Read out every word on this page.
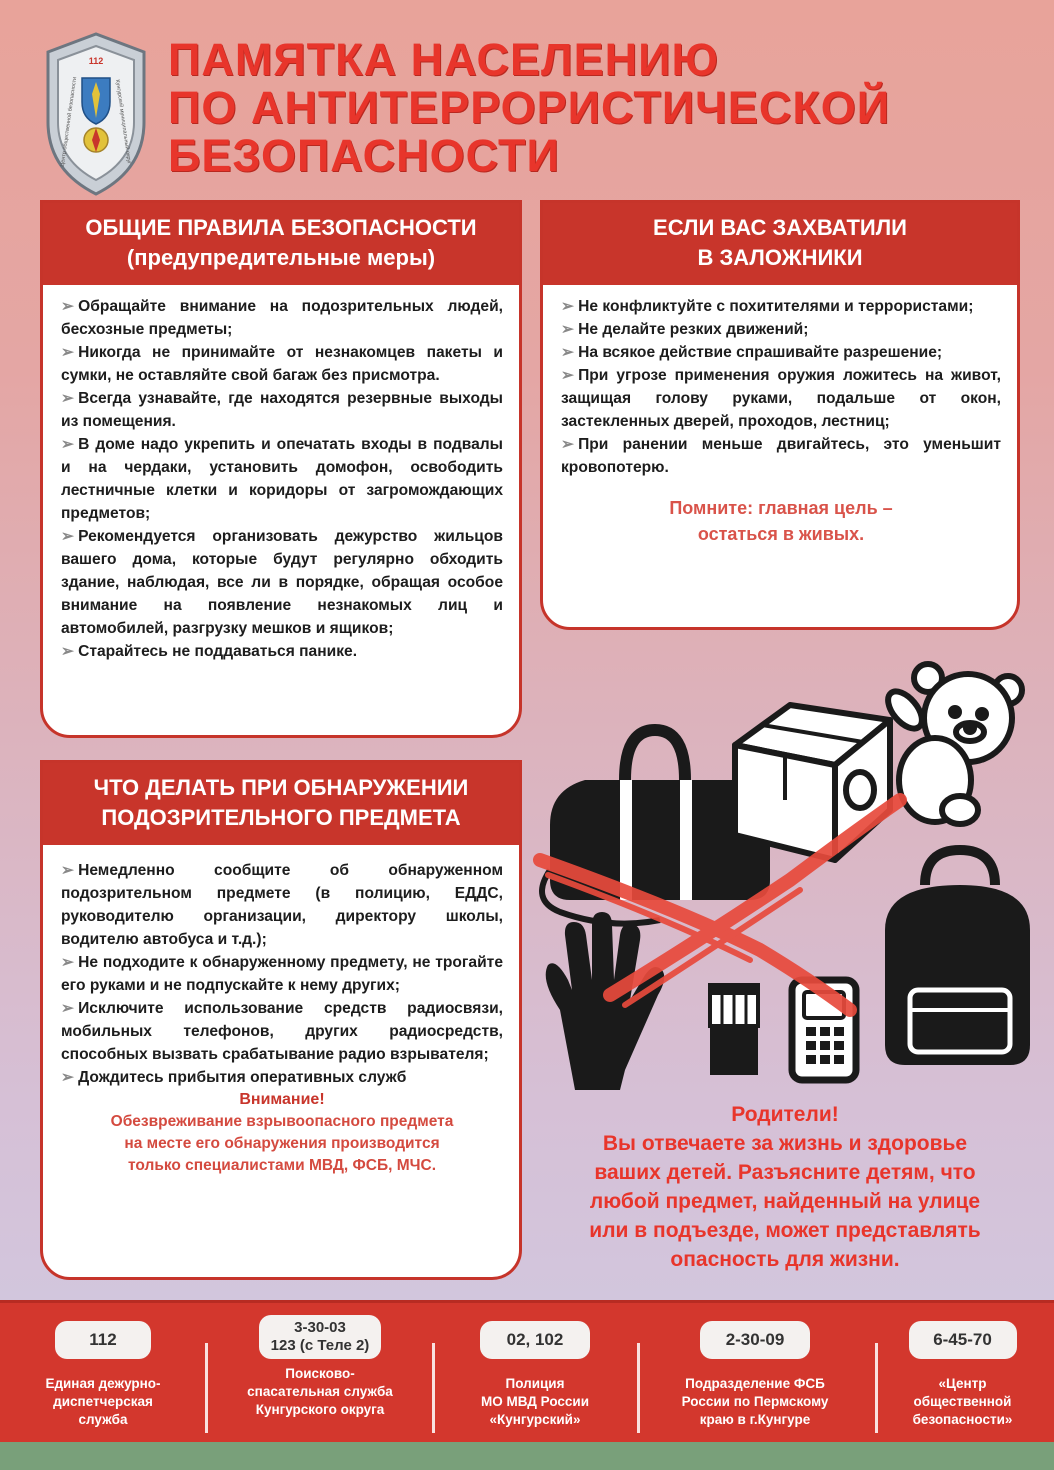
112
Центр общественной безопасности	Кунгурский муниципальный округ
ПАМЯТКА НАСЕЛЕНИЮ
ПО АНТИТЕРРОРИСТИЧЕСКОЙ
БЕЗОПАСНОСТИ
ОБЩИЕ ПРАВИЛА БЕЗОПАСНОСТИ
(предупредительные меры)

➢ Обращайте внимание на подозрительных людей, бесхозные предметы;

➢ Никогда не принимайте от незнакомцев пакеты и сумки, не оставляйте свой багаж без присмотра.

➢ Всегда узнавайте, где находятся резервные выходы из помещения.

➢ В доме надо укрепить и опечатать входы в подвалы и на чердаки, установить домофон, освободить лестничные клетки и коридоры от загромождающих предметов;

➢ Рекомендуется организовать дежурство жильцов вашего дома, которые будут регулярно обходить здание, наблюдая, все ли в порядке, обращая особое внимание на появление незнакомых лиц и автомобилей, разгрузку мешков и ящиков;

➢ Старайтесь не поддаваться панике.

ЕСЛИ ВАС ЗАХВАТИЛИ
В ЗАЛОЖНИКИ

➢ Не конфликтуйте с похитителями и террористами;

➢ Не делайте резких движений;

➢ На всякое действие спрашивайте разрешение;

➢ При угрозе применения оружия ложитесь на живот, защищая голову руками, подальше от окон, застекленных дверей, проходов, лестниц;

➢ При ранении меньше двигайтесь, это уменьшит кровопотерю.

Помните: главная цель –
остаться в живых.
ЧТО ДЕЛАТЬ ПРИ ОБНАРУЖЕНИИ
ПОДОЗРИТЕЛЬНОГО ПРЕДМЕТА

➢ Немедленно сообщите об обнаруженном подозрительном предмете (в полицию, ЕДДС, руководителю организации, директору школы, водителю автобуса и т.д.);

➢ Не подходите к обнаруженному предмету, не трогайте его руками и не подпускайте к нему других;

➢ Исключите использование средств радиосвязи, мобильных телефонов, других радиосредств, способных вызвать срабатывание радио взрывателя;

➢ Дождитесь прибытия оперативных служб

Внимание!
Обезвреживание взрывоопасного предмета
на месте его обнаружения производится
только специалистами МВД, ФСБ, МЧС.
Родители!
Вы отвечаете за жизнь и здоровье
ваших детей. Разъясните детям, что
любой предмет, найденный на улице
или в подъезде, может представлять
опасность для жизни.
112
Единая дежурно-
диспетчерская
служба
3-30-03
123 (с Теле 2)
Поисково-
спасательная служба
Кунгурского округа
02, 102
Полиция
МО МВД России
«Кунгурский»
2-30-09
Подразделение ФСБ
России по Пермскому
краю в г.Кунгуре
6-45-70
«Центр
общественной
безопасности»
